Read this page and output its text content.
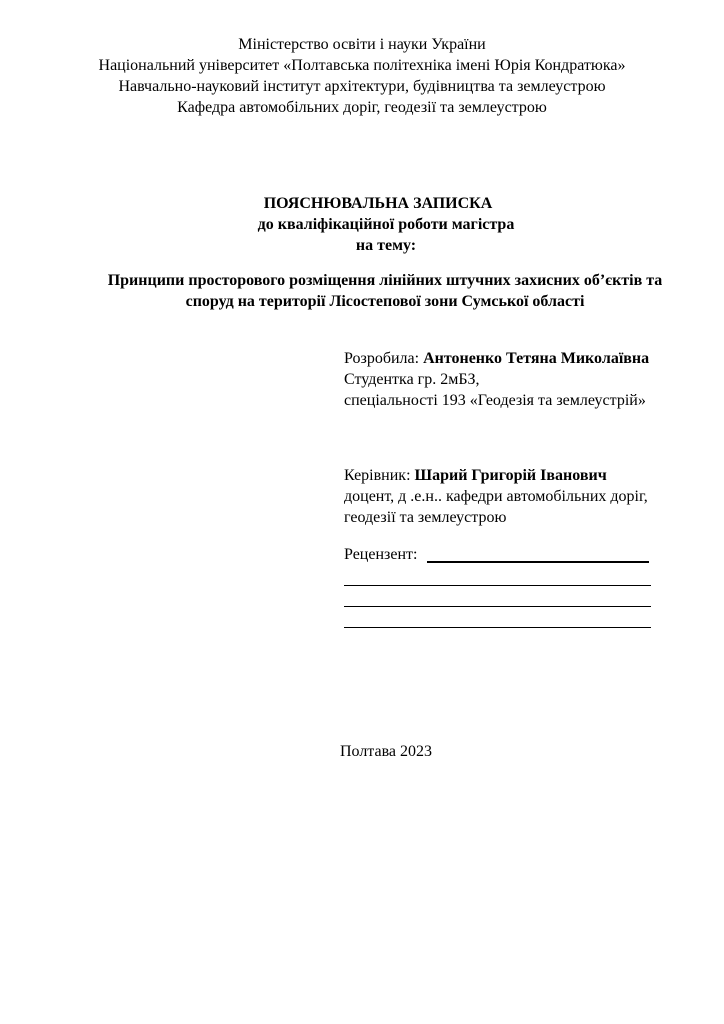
Міністерство освіти і науки України
Національний університет «Полтавська політехніка імені Юрія Кондратюка»
Навчально-науковий інститут архітектури, будівництва та землеустрою
Кафедра автомобільних доріг, геодезії та землеустрою
ПОЯСНЮВАЛЬНА ЗАПИСКА
до кваліфікаційної роботи магістра
на тему:
Принципи просторового розміщення лінійних штучних захисних об’єктів та
споруд на території Лісостепової зони Сумської області
Розробила: Антоненко Тетяна Миколаївна
Студентка гр. 2мБЗ,
спеціальності 193 «Геодезія та землеустрій»
Керівник: Шарий Григорій Іванович
доцент, д .е.н.. кафедри автомобільних доріг,
геодезії та землеустрою
Рецензент:
Полтава 2023
